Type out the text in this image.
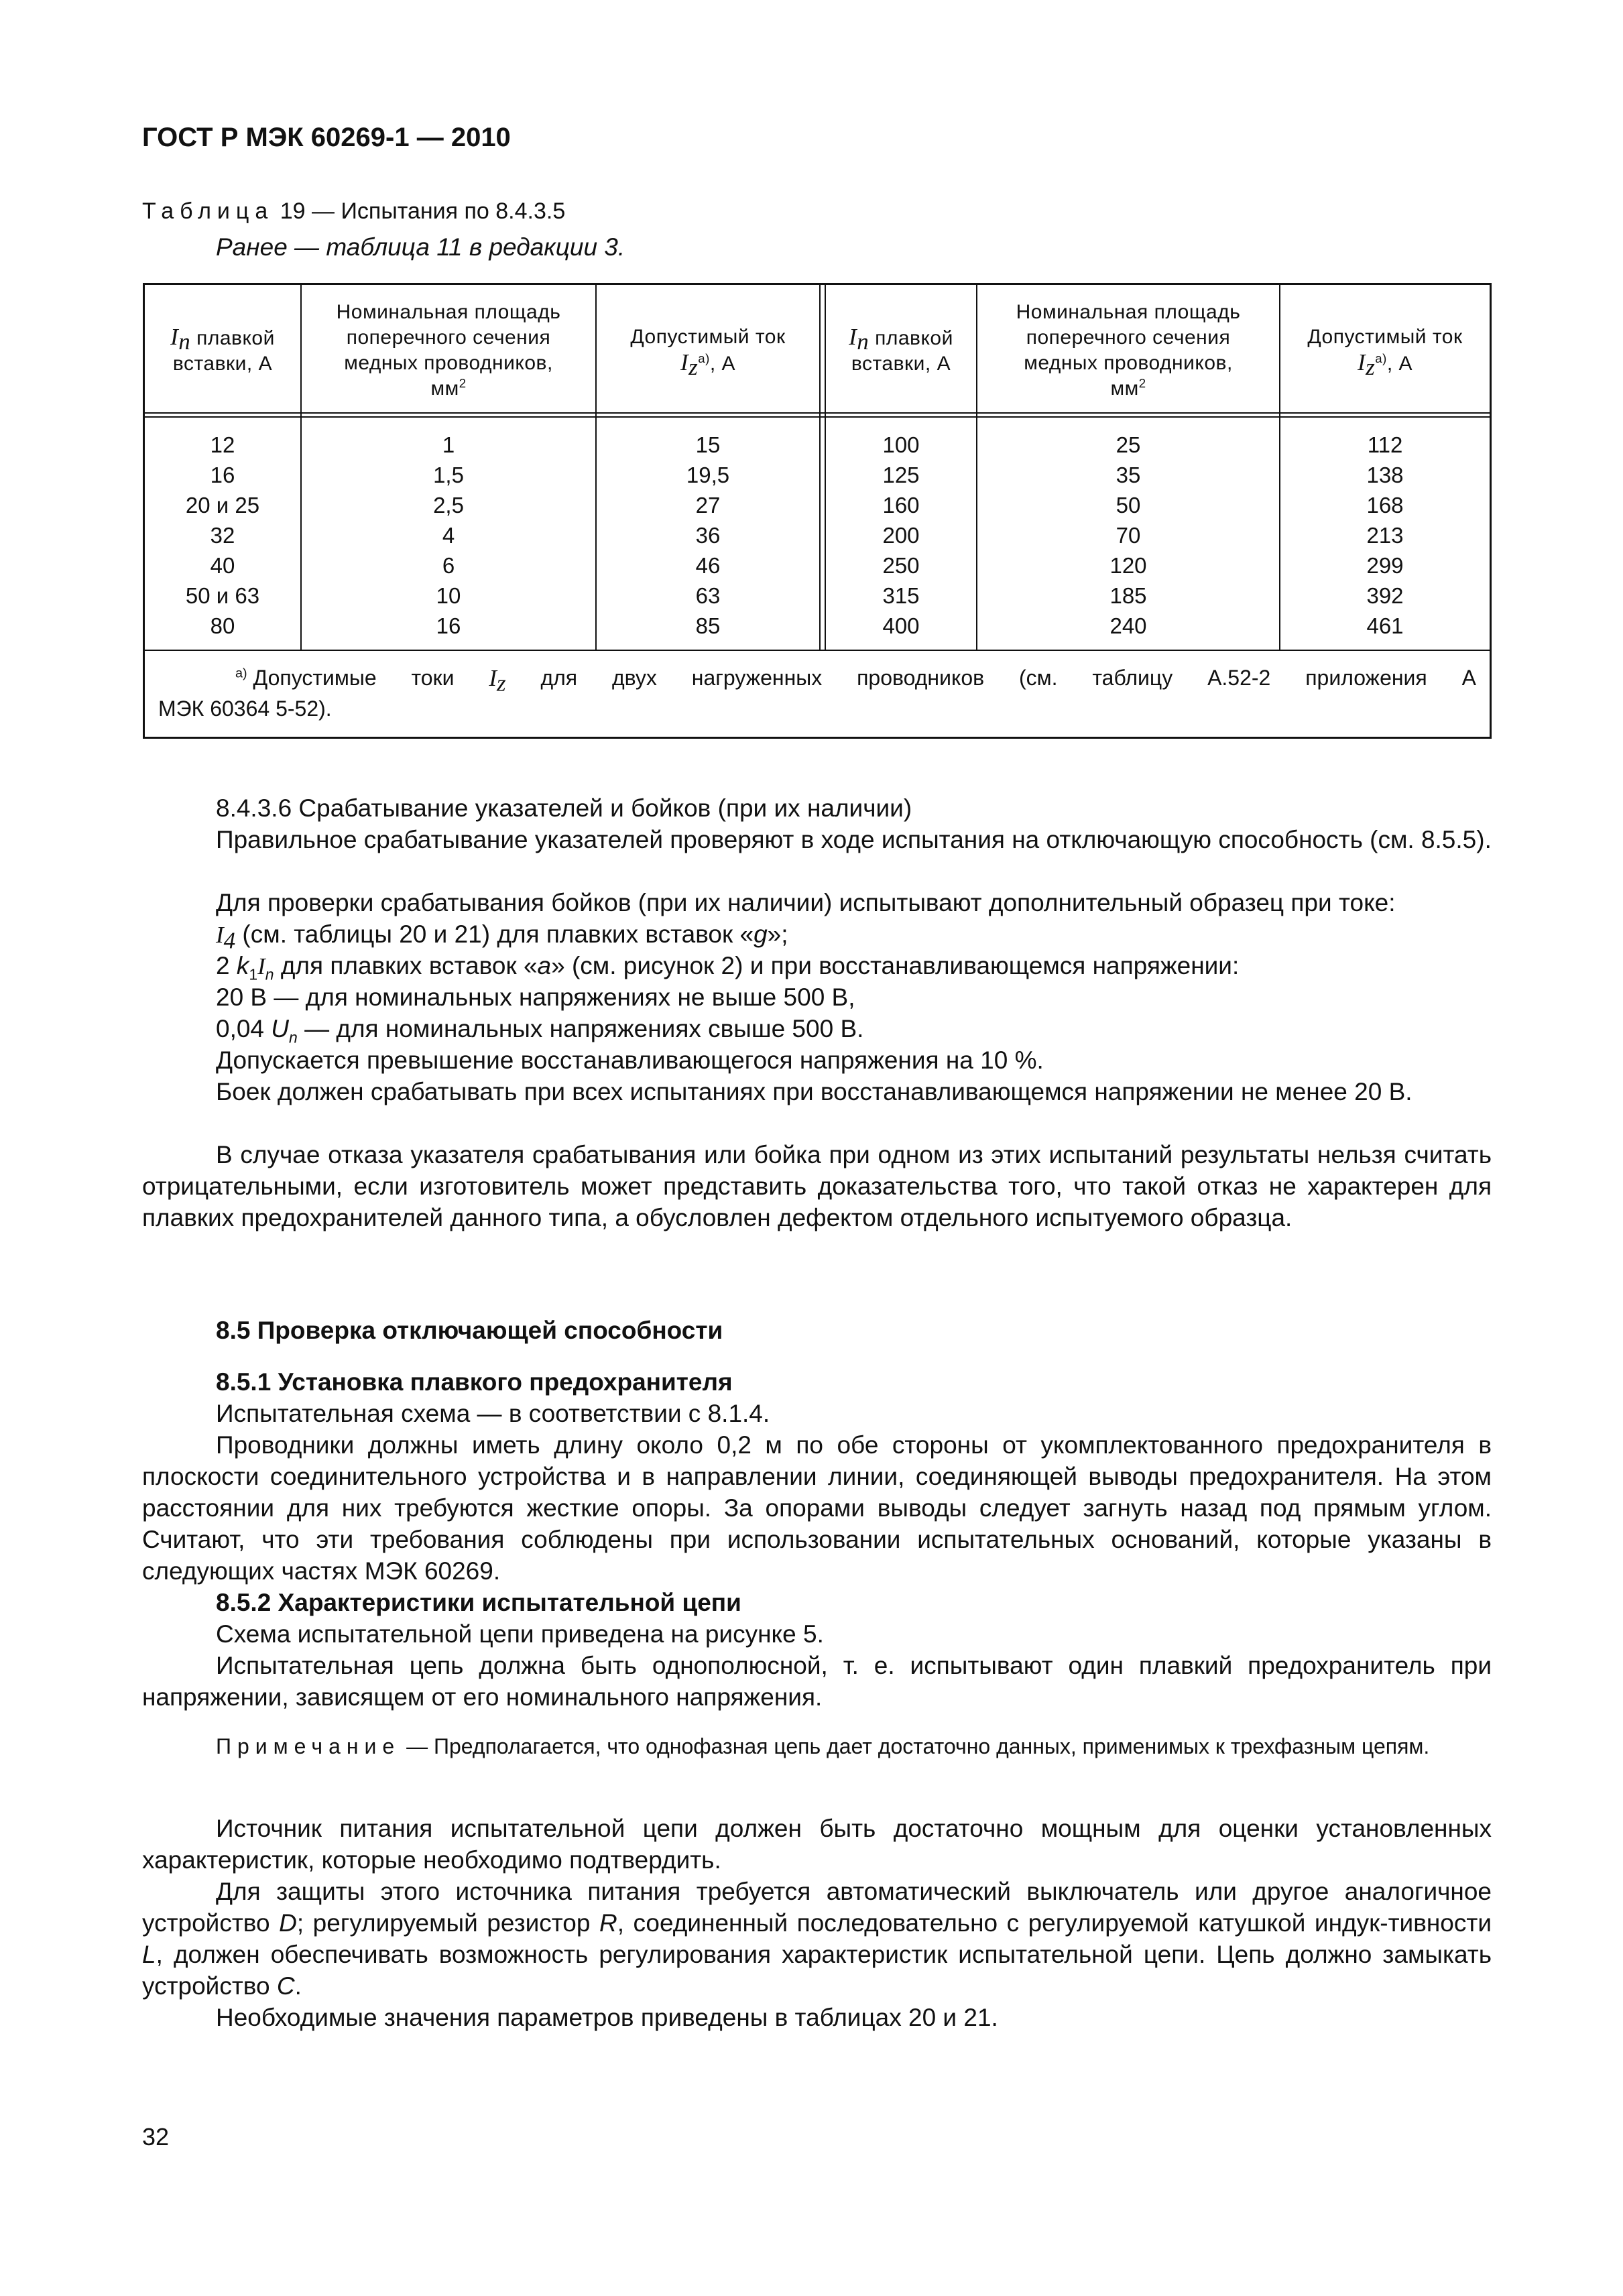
ГОСТ Р МЭК 60269-1 — 2010
Таблица 19 — Испытания по 8.4.3.5
Ранее — таблица 11 в редакции 3.
$I_n$ плавкой
вставки, А
Номинальная площадь
поперечного сечения
медных проводников,
$мм^2$
Допустимый ток
$I_z^{а)}$, А
$I_n$ плавкой
вставки, А
Номинальная площадь
поперечного сечения
медных проводников,
$мм^2$
Допустимый ток
$I_z^{а)}$, А
12
16
20 и 25
32
40
50 и 63
80
1
1,5
2,5
4
6
10
16
15
19,5
27
36
46
63
85
100
125
160
200
250
315
400
25
35
50
70
120
185
240
112
138
168
213
299
392
461
$^{а)}$ Допустимые токи $I_z$ для двух нагруженных проводников (см. таблицу А.52-2 приложения А
МЭК 60364 5-52).
8.4.3.6 Срабатывание указателей и бойков (при их наличии)
Правильное срабатывание указателей проверяют в ходе испытания на отключающую способность (см. 8.5.5).
Для проверки срабатывания бойков (при их наличии) испытывают дополнительный образец при токе:
$I_4$ (см. таблицы 20 и 21) для плавких вставок «g»;
2 $k_1I_n$ для плавких вставок «a» (см. рисунок 2) и при восстанавливающемся напряжении:
20 В — для номинальных напряжениях не выше 500 В,
0,04 $U_n$ — для номинальных напряжениях свыше 500 В.
Допускается превышение восстанавливающегося напряжения на 10 %.
Боек должен срабатывать при всех испытаниях при восстанавливающемся напряжении не менее 20 В.
В случае отказа указателя срабатывания или бойка при одном из этих испытаний результаты нельзя считать отрицательными, если изготовитель может представить доказательства того, что такой отказ не характерен для плавких предохранителей данного типа, а обусловлен дефектом отдельного испытуемого образца.
8.5 Проверка отключающей способности
8.5.1 Установка плавкого предохранителя
Испытательная схема — в соответствии с 8.1.4.
Проводники должны иметь длину около 0,2 м по обе стороны от укомплектованного предохранителя в плоскости соединительного устройства и в направлении линии, соединяющей выводы предохранителя. На этом расстоянии для них требуются жесткие опоры. За опорами выводы следует загнуть назад под прямым углом. Считают, что эти требования соблюдены при использовании испытательных оснований, которые указаны в следующих частях МЭК 60269.
8.5.2 Характеристики испытательной цепи
Схема испытательной цепи приведена на рисунке 5.
Испытательная цепь должна быть однополюсной, т. е. испытывают один плавкий предохранитель при напряжении, зависящем от его номинального напряжения.
Примечание — Предполагается, что однофазная цепь дает достаточно данных, применимых к трехфазным цепям.
Источник питания испытательной цепи должен быть достаточно мощным для оценки установленных характеристик, которые необходимо подтвердить.
Для защиты этого источника питания требуется автоматический выключатель или другое аналогичное устройство D; регулируемый резистор R, соединенный последовательно с регулируемой катушкой индук-тивности L, должен обеспечивать возможность регулирования характеристик испытательной цепи. Цепь должно замыкать устройство C.
Необходимые значения параметров приведены в таблицах 20 и 21.
32
